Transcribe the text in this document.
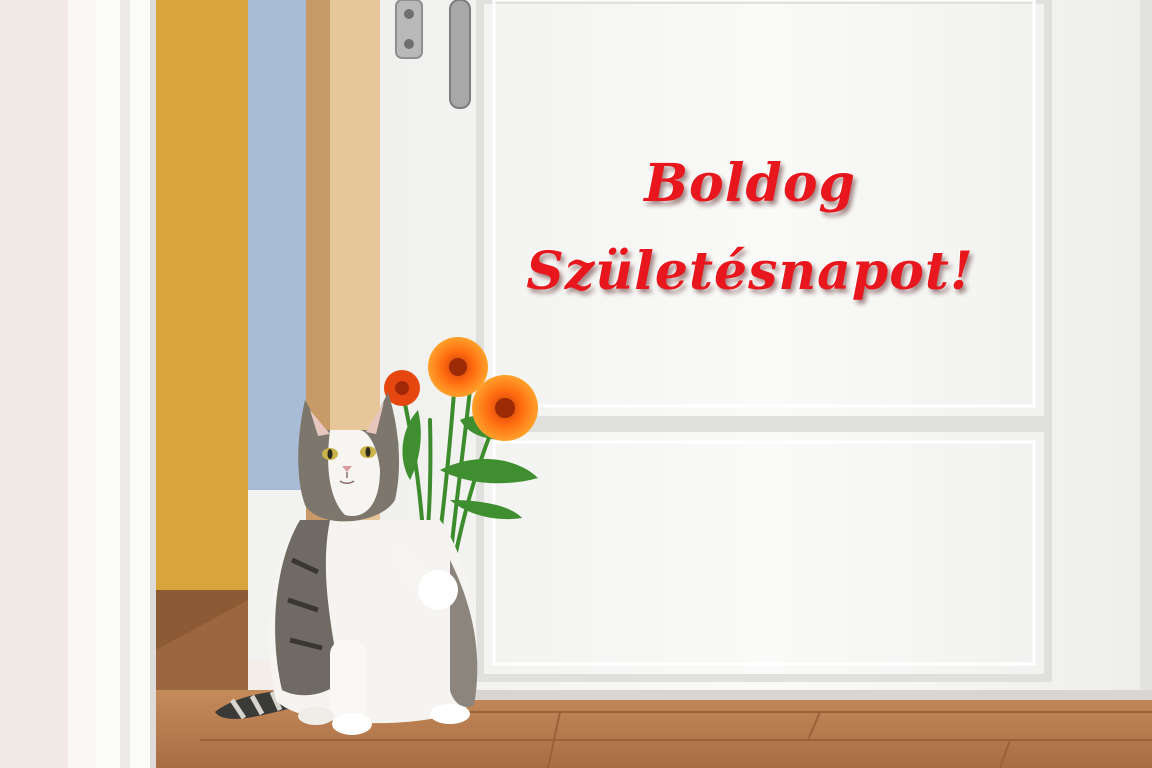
Boldog
Születésnapot!
